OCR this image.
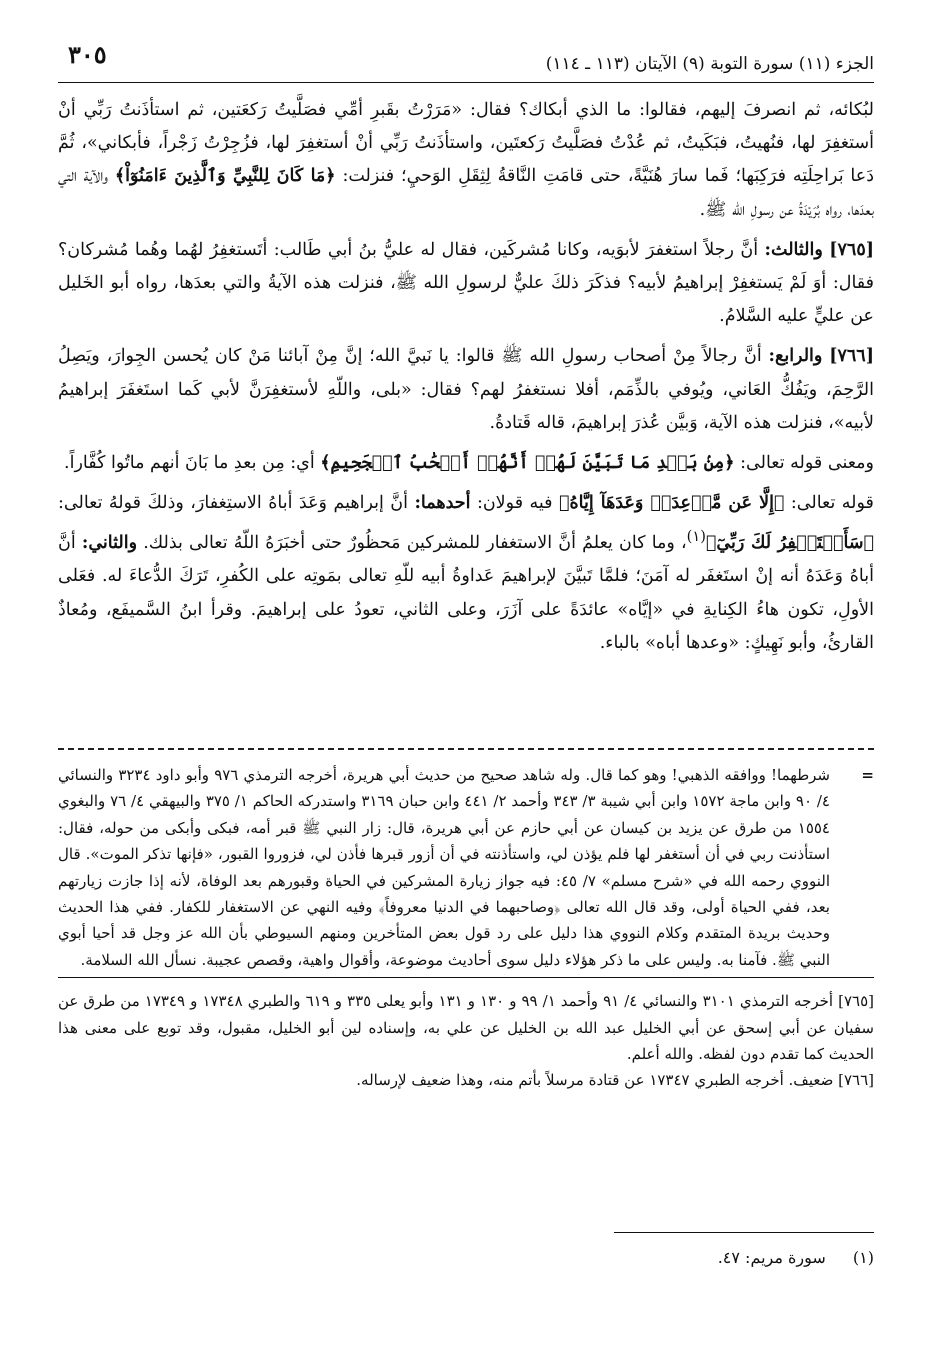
الجزء (١١) سورة التوبة (٩) الآيتان (١١٣ ـ ١١٤)
٣٠٥

لبُكائه، ثم انصرفَ إليهم، فقالوا: ما الذي أبكاك؟ فقال: «مَرَرْتُ بقَبرِ أمِّي فصَلَّيتُ رَكعَتين، ثم استأذَنتُ رَبِّي أنْ أستغفِرَ لها، فنُهيتُ، فبَكَيتُ، ثم عُدْتُ فصَلَّيتُ رَكعتَين، واستأذَنتُ رَبِّي أنْ أستغفِرَ لها، فزُجِرْتُ زَجْراً، فأبكاني»، ثُمَّ دَعا بَراحِلَتِه فرَكِبَها؛ فَما سارَ هُنَيَّةً، حتى قامَتِ النَّاقةُ لِثِقَلِ الوَحيِ؛ فنزلت: ﴿مَا كَانَ لِلنَّبِيِّ وَٱلَّذِينَ ءَامَنُوٓاْ﴾ والآية التي بعدَها، رواه بُرَيْدَةُ عن رسولِ الله ﷺ.

[٧٦٥] والثالث: أنَّ رجلاً استغفرَ لأبوَيه، وكانا مُشركَين، فقال له عليُّ بنُ أبي طَالب: أتَستغفِرُ لهُما وهُما مُشركان؟ فقال: أوَ لَمْ يَستغفِرْ إبراهيمُ لأبيه؟ فذكَرَ ذلكَ عليٌّ لرسولِ الله ﷺ، فنزلت هذه الآيةُ والتي بعدَها، رواه أبو الخَليل عن عليٍّ عليه السَّلامُ.

[٧٦٦] والرابع: أنَّ رجالاً مِنْ أصحاب رسولِ الله ﷺ قالوا: يا نَبيَّ الله؛ إنَّ مِنْ آبائنا مَنْ كان يُحسن الجِوارَ، ويَصِلُ الرَّحِمَ، ويَفُكُّ العَاني، ويُوفي بالذِّمَم، أفلا نستغفرُ لهم؟ فقال: «بلى، واللّهِ لأستغفِرَنَّ لأبي كَما استَغفَرَ إبراهيمُ لأبيه»، فنزلت هذه الآية، وَبيَّن عُذرَ إبراهيمَ، قاله قَتادةُ.

ومعنى قوله تعالى: ﴿مِنۢ بَعۡدِ مَا تَبَيَّنَ لَهُمۡ أَنَّهُمۡ أَصۡحَٰبُ ٱلۡجَحِيمِ﴾ أي: مِن بعدِ ما بَانَ أنهم ماتُوا كُفَّاراً.

قوله تعالى: ﴿إِلَّا عَن مَّوۡعِدَةٖ وَعَدَهَآ إِيَّاهُ﴾ فيه قولان: أحدهما: أنَّ إبراهيم وَعَدَ أباهُ الاستِغفارَ، وذلكَ قولهُ تعالى: ﴿سَأَسۡتَغۡفِرُ لَكَ رَبِّيٓ﴾$^{(١)}$، وما كان يعلمُ أنَّ الاستغفار للمشركين مَحظُورٌ حتى أخبَرَهُ اللّهُ تعالى بذلك. والثاني: أنَّ أباهُ وَعَدَهُ أنه إنْ استَغفَر له آمَنَ؛ فلمَّا تَبيَّنَ لإبراهيمَ عَداوةُ أبيه للّهِ تعالى بمَوتِه على الكُفرِ، تَرَكَ الدُّعاءَ له. فعَلى الأولِ، تكون هاءُ الكِنايةِ في «إيَّاه» عائدَةً على آزَرَ، وعلى الثاني، تعودُ على إبراهيمَ. وقرأ ابنُ السَّميفَع، ومُعاذٌ القارئُ، وأبو نَهِيكٍ: «وعدها أباه» بالباء.

=
شرطهما! ووافقه الذهبي! وهو كما قال. وله شاهد صحيح من حديث أبي هريرة، أخرجه الترمذي ٩٧٦ وأبو داود ٣٢٣٤ والنسائي ٤/ ٩٠ وابن ماجة ١٥٧٢ وابن أبي شيبة ٣/ ٣٤٣ وأحمد ٢/ ٤٤١ وابن حبان ٣١٦٩ واستدركه الحاكم ١/ ٣٧٥ والبيهقي ٤/ ٧٦ والبغوي ١٥٥٤ من طرق عن يزيد بن كيسان عن أبي حازم عن أبي هريرة، قال: زار النبي ﷺ قبر أمه، فبكى وأبكى من حوله، فقال: استأذنت ربي في أن أستغفر لها فلم يؤذن لي، واستأذنته في أن أزور قبرها فأذن لي، فزوروا القبور، «فإنها تذكر الموت». قال النووي رحمه الله في «شرح مسلم» ٧/ ٤٥: فيه جواز زيارة المشركين في الحياة وقبورهم بعد الوفاة، لأنه إذا جازت زيارتهم بعد، ففي الحياة أولى، وقد قال الله تعالى ﴿وصاحبهما في الدنيا معروفاً﴾ وفيه النهي عن الاستغفار للكفار. ففي هذا الحديث وحديث بريدة المتقدم وكلام النووي هذا دليل على رد قول بعض المتأخرين ومنهم السيوطي بأن الله عز وجل قد أحيا أبوي النبي ﷺ. فآمنا به. وليس على ما ذكر هؤلاء دليل سوى أحاديث موضوعة، وأقوال واهية، وقصص عجيبة. نسأل الله السلامة.

[٧٦٥] أخرجه الترمذي ٣١٠١ والنسائي ٤/ ٩١ وأحمد ١/ ٩٩ و ١٣٠ و ١٣١ وأبو يعلى ٣٣٥ و ٦١٩ والطبري ١٧٣٤٨ و ١٧٣٤٩ من طرق عن سفيان عن أبي إسحق عن أبي الخليل عبد الله بن الخليل عن علي به، وإسناده لين أبو الخليل، مقبول، وقد توبع على معنى هذا الحديث كما تقدم دون لفظه. والله أعلم.

[٧٦٦] ضعيف. أخرجه الطبري ١٧٣٤٧ عن قتادة مرسلاً بأتم منه، وهذا ضعيف لإرساله.

(١) سورة مريم: ٤٧.
